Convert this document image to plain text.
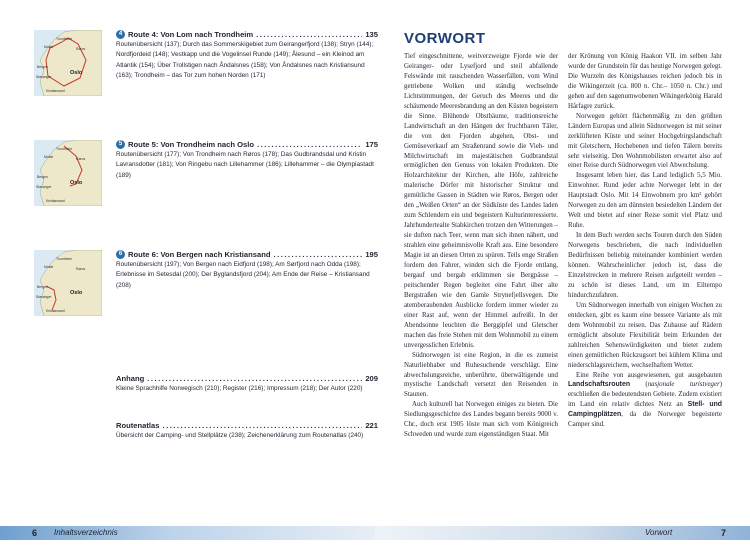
Trondheim
Molde	Røros
Bergen
Oslo
Stavanger
Kristiansand
4 Route 4: Von Lom nach Trondheim .....	135
Routenübersicht (137); Durch das Sommerskigebiet zum Geirangerfjord (138); Stryn (144); Nordfjordeid (148); Vestkapp und die Vogelinsel Runde (149); Ålesund – ein Kleinod am Atlantik (154); Über Trollstigen nach Åndalsnes (158); Von Åndalsnes nach Kristiansund (163); Trondheim – das Tor zum hohen Norden (171)
Trondheim
Molde	Røros
Bergen
Oslo
Stavanger
Kristiansand
5 Route 5: Von Trondheim nach Oslo .....	175
Routenübersicht (177); Von Trondheim nach Røros (178); Das Gudbrandsdal und Kristin Lavransdotter (181); Von Ringebu nach Lillehammer (186); Lillehammer – die Olympiastadt (189)
Trondheim
Molde	Røros
Bergen
Oslo
Stavanger
Kristiansand
6 Route 6: Von Bergen nach Kristiansand .....	195
Routenübersicht (197); Von Bergen nach Eidfjord (198); Am Sørfjord nach Odda (198); Erlebnisse im Setesdal (200); Der Byglandsfjord (204); Am Ende der Reise – Kristiansand (208)
Anhang .....	209
Kleine Sprachhilfe Norwegisch (210); Register (216); Impressum (218); Der Autor (220)
Routenatlas .....	221
Übersicht der Camping- und Stellplätze (238); Zeichenerklärung zum Routenatlas (240)
VORWORT

Tief eingeschnittene, weitverzweigte Fjorde wie der Geiranger- oder Lysefjord und steil abfallende Felswände mit rauschenden Wasserfällen, vom Wind getriebene Wolken und ständig wechselnde Lichtstimmungen, der Geruch des Meeres und die schäumende Meeresbrandung an den Küsten begeistern die Sinne. Blühende Obstbäume, traditionsreiche Landwirtschaft an den Hängen der fruchtbaren Täler, die von den Fjorden abgehen, Obst- und Gemüseverkauf am Straßenrand sowie die Vieh- und Milchwirtschaft im majestätischen Gudbrandstal ermöglichen den Genuss von lokalen Produkten. Die Holzarchitektur der Kirchen, alte Höfe, zahlreiche malerische Dörfer mit historischer Struktur und gemütliche Gassen in Städten wie Røros, Bergen oder den „Weißen Orten“ an der Südküste des Landes laden zum Schlendern ein und begeistern Kulturinteressierte. Jahrhundertealte Stabkirchen trotzen den Witterungen – sie duften nach Teer, wenn man sich ihnen nähert, und strahlen eine geheimnisvolle Kraft aus. Eine besondere Magie ist an diesen Orten zu spüren. Teils enge Straßen fordern den Fahrer, winden sich die Fjorde entlang, bergauf und bergab erklimmen sie Bergpässe – peitschender Regen begleitet eine Fahrt über alte Bergstraßen wie den Gamle Strynefjellsvegen. Die atemberaubenden Ausblicke fordern immer wieder zu einer Rast auf, wenn der Himmel aufreißt. In der Abendsonne leuchten die Berggipfel und Gletscher machen das freie Stehen mit dem Wohnmobil zu einem unvergesslichen Erlebnis.

Südnorwegen ist eine Region, in die es zumeist Naturliebhaber und Ruhesuchende verschlägt. Eine abwechslungsreiche, unberührte, überwältigende und mystische Landschaft versetzt den Reisenden in Staunen.

Auch kulturell hat Norwegen einiges zu bieten. Die Siedlungsgeschichte des Landes begann bereits 9000 v. Chr., doch erst 1905 löste man sich vom Königreich Schweden und wurde zum eigenständigen Staat. Mit

der Krönung von König Haakon VII. im selben Jahr wurde der Grundstein für das heutige Norwegen gelegt. Die Wurzeln des Königshauses reichen jedoch bis in die Wikingerzeit (ca. 800 n. Chr.– 1050 n. Chr.) und gehen auf den sagenumwobenen Wikingerkönig Harald Hårfagre zurück.

Norwegen gehört flächenmäßig zu den größten Ländern Europas und allein Südnorwegen ist mit seiner zerklüfteten Küste und seiner Hochgebirgslandschaft mit Gletschern, Hochebenen und tiefen Tälern bereits sehr vielseitig. Den Wohnmobilisten erwartet also auf einer Reise durch Südnorwegen viel Abwechslung.

Insgesamt leben hier, das Land lediglich 5,5 Mio. Einwohner. Rund jeder achte Norweger lebt in der Hauptstadt Oslo. Mit 14 Einwohnern pro km² gehört Norwegen zu den am dünnsten besiedelten Ländern der Welt und bietet auf einer Reise somit viel Platz und Ruhe.

In dem Buch werden sechs Touren durch den Süden Norwegens beschrieben, die nach individuellen Bedürfnissen beliebig miteinander kombiniert werden können. Wahrscheinlicher jedoch ist, dass die Einzelstrecken in mehrere Reisen aufgeteilt werden – zu schön ist dieses Land, um im Eiltempo hindurchzufahren.

Um Südnorwegen innerhalb von einigen Wochen zu entdecken, gibt es kaum eine bessere Variante als mit dem Wohnmobil zu reisen. Das Zuhause auf Rädern ermöglicht absolute Flexibilität beim Erkunden der zahlreichen Sehenswürdigkeiten und bietet zudem einen gemütlichen Rückzugsort bei kühlem Klima und niederschlagsreichem, wechselhaftem Wetter.

Eine Reihe von ausgewiesenen, gut ausgebauten Landschaftsrouten (nasjonale turistveger) erschließen die bedeutendsten Gebiete. Zudem existiert im Land ein relativ dichtes Netz an Stell- und Campingplätzen, da die Norweger begeisterte Camper sind.

6 Inhaltsverzeichnis	Vorwort	7
